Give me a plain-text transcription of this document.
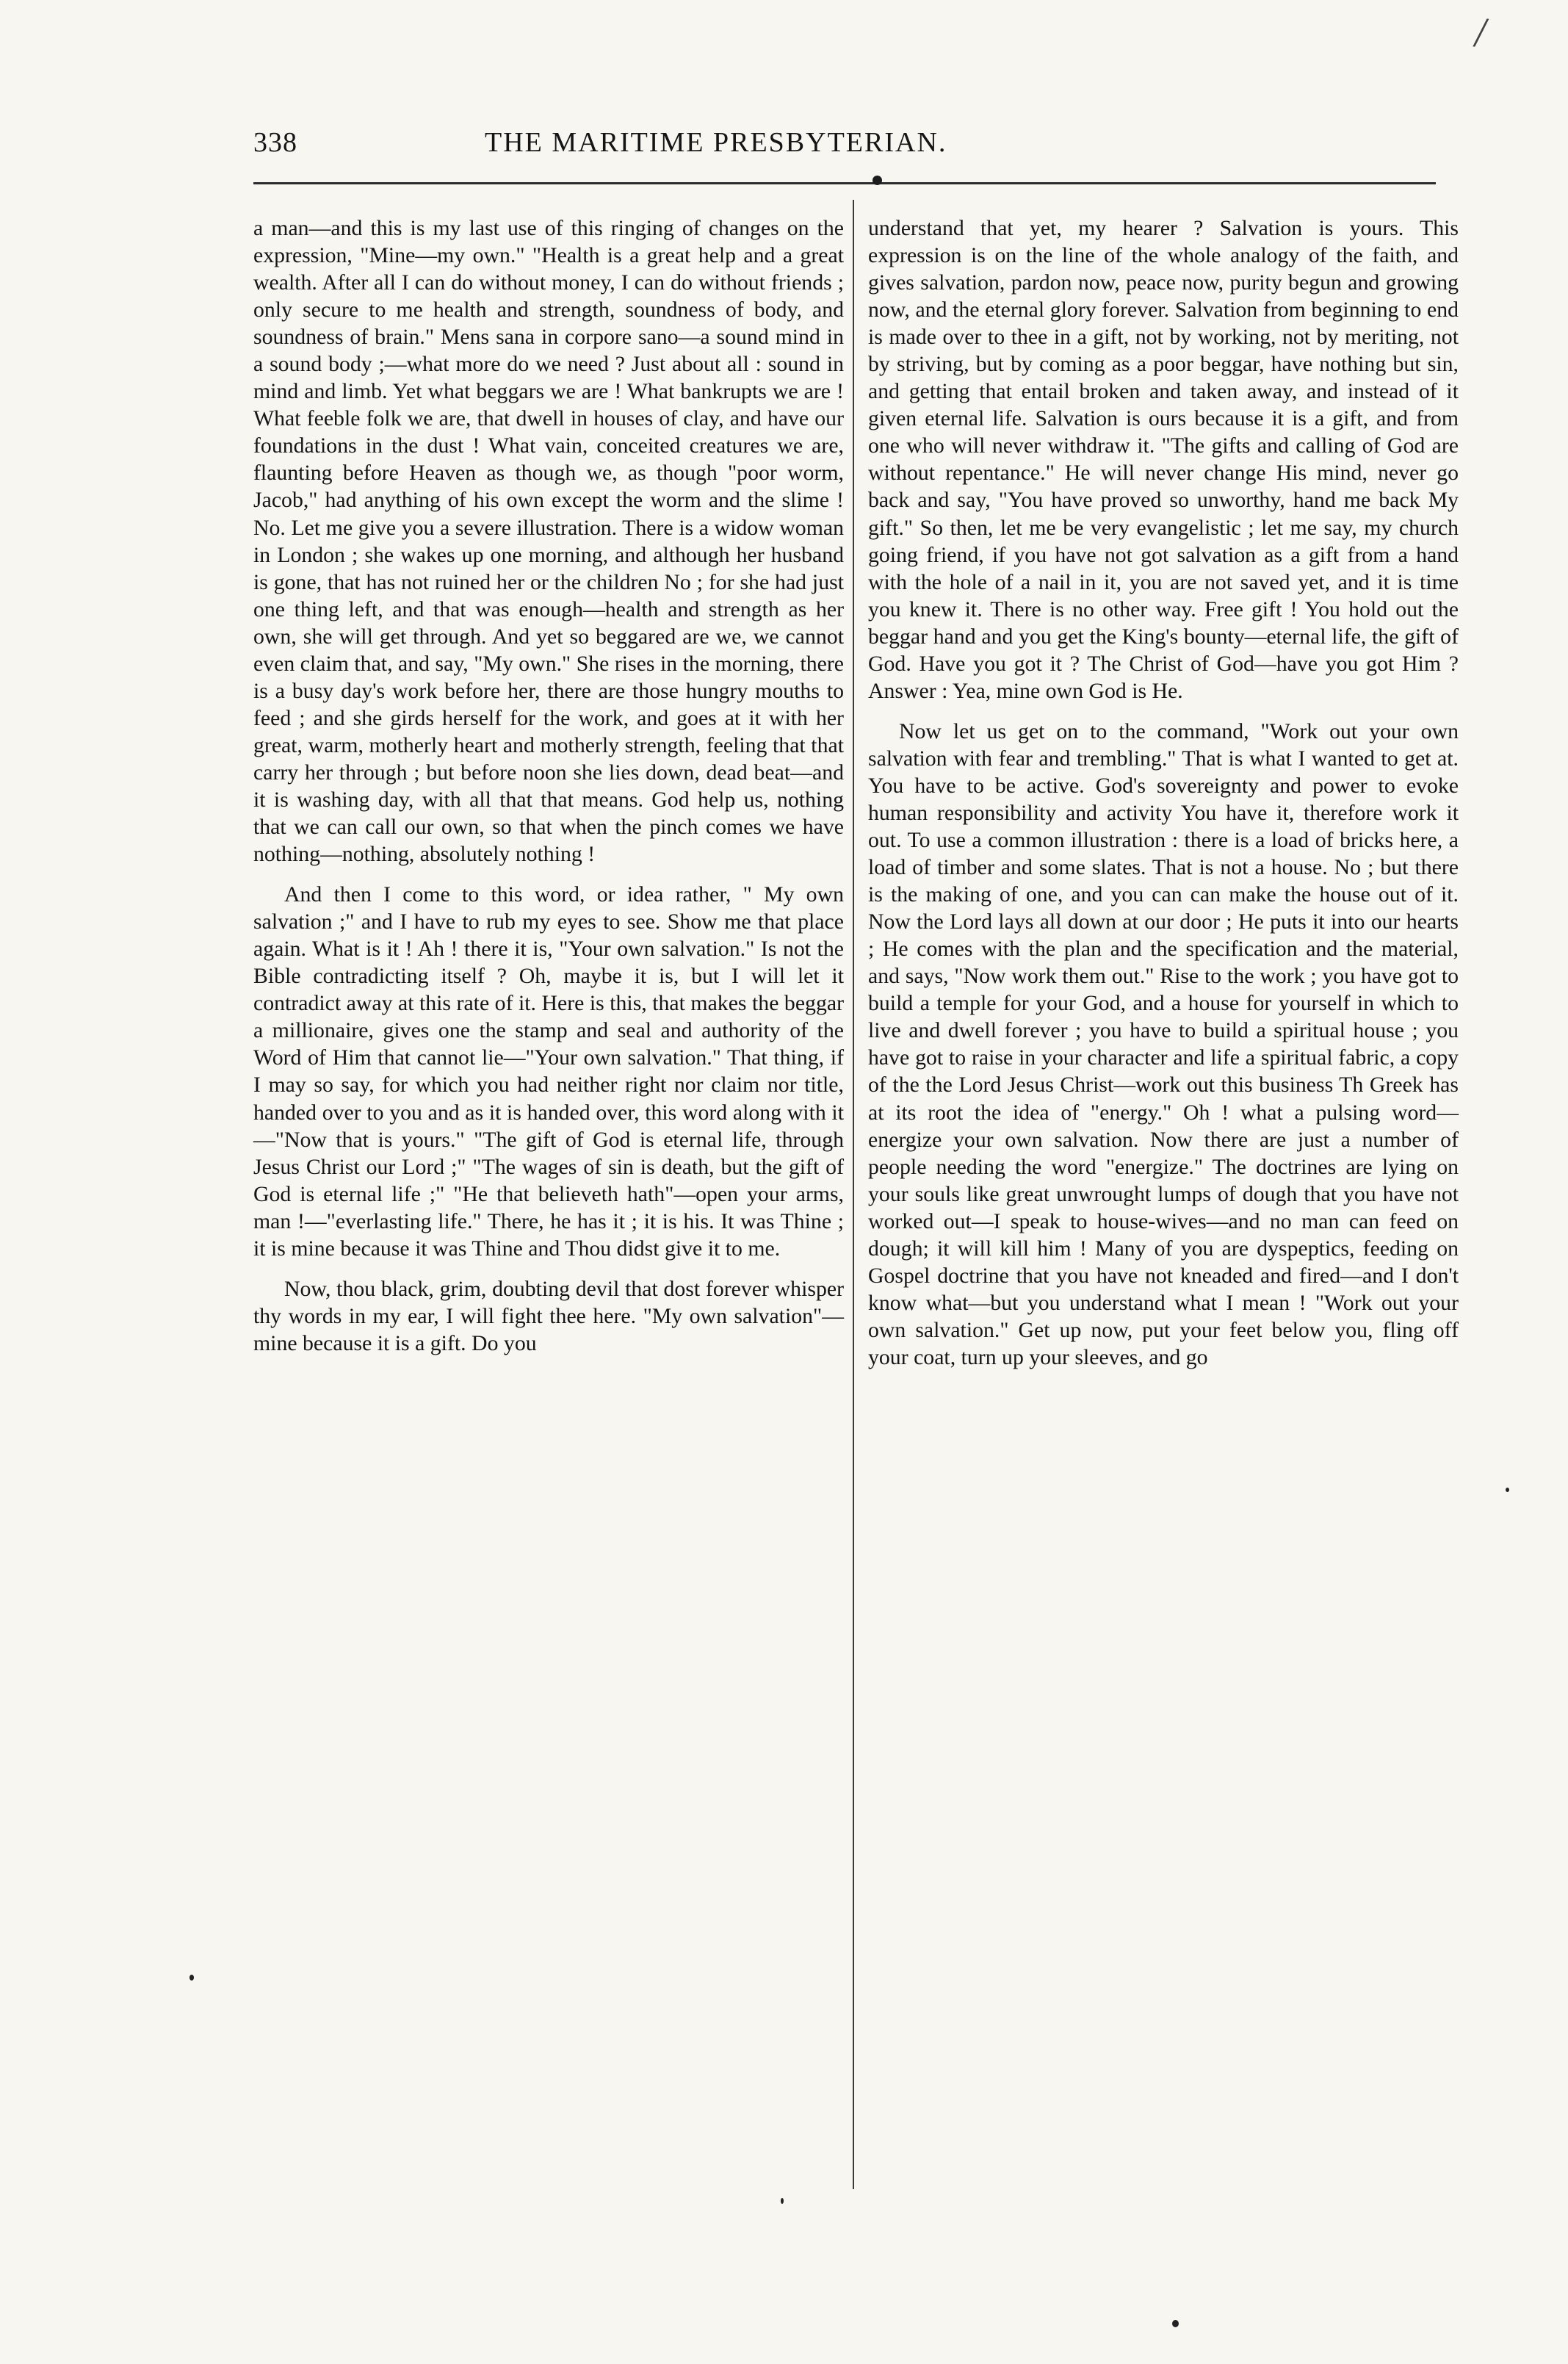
/
338	THE MARITIME PRESBYTERIAN.

a man—and this is my last use of this ringing of changes on the expression, "Mine—my own." "Health is a great help and a great wealth. After all I can do without money, I can do without friends ; only secure to me health and strength, soundness of body, and soundness of brain." Mens sana in corpore sano—a sound mind in a sound body ;—what more do we need ? Just about all : sound in mind and limb. Yet what beggars we are ! What bankrupts we are ! What feeble folk we are, that dwell in houses of clay, and have our foundations in the dust ! What vain, conceited creatures we are, flaunting before Heaven as though we, as though "poor worm, Jacob," had anything of his own except the worm and the slime ! No. Let me give you a severe illustration. There is a widow woman in London ; she wakes up one morning, and although her husband is gone, that has not ruined her or the children No ; for she had just one thing left, and that was enough—health and strength as her own, she will get through. And yet so beggared are we, we cannot even claim that, and say, "My own." She rises in the morning, there is a busy day's work before her, there are those hungry mouths to feed ; and she girds herself for the work, and goes at it with her great, warm, motherly heart and motherly strength, feeling that that carry her through ; but before noon she lies down, dead beat—and it is washing day, with all that that means. God help us, nothing that we can call our own, so that when the pinch comes we have nothing—nothing, absolutely nothing !

And then I come to this word, or idea rather, " My own salvation ;" and I have to rub my eyes to see. Show me that place again. What is it ! Ah ! there it is, "Your own salvation." Is not the Bible contradicting itself ? Oh, maybe it is, but I will let it contradict away at this rate of it. Here is this, that makes the beggar a millionaire, gives one the stamp and seal and authority of the Word of Him that cannot lie—"Your own salvation." That thing, if I may so say, for which you had neither right nor claim nor title, handed over to you and as it is handed over, this word along with it—"Now that is yours." "The gift of God is eternal life, through Jesus Christ our Lord ;" "The wages of sin is death, but the gift of God is eternal life ;" "He that believeth hath"—open your arms, man !—"everlasting life." There, he has it ; it is his. It was Thine ; it is mine because it was Thine and Thou didst give it to me.

Now, thou black, grim, doubting devil that dost forever whisper thy words in my ear, I will fight thee here. "My own salvation"—mine because it is a gift. Do you

understand that yet, my hearer ? Salvation is yours. This expression is on the line of the whole analogy of the faith, and gives salvation, pardon now, peace now, purity begun and growing now, and the eternal glory forever. Salvation from beginning to end is made over to thee in a gift, not by working, not by meriting, not by striving, but by coming as a poor beggar, have nothing but sin, and getting that entail broken and taken away, and instead of it given eternal life. Salvation is ours because it is a gift, and from one who will never withdraw it. "The gifts and calling of God are without repentance." He will never change His mind, never go back and say, "You have proved so unworthy, hand me back My gift." So then, let me be very evangelistic ; let me say, my church going friend, if you have not got salvation as a gift from a hand with the hole of a nail in it, you are not saved yet, and it is time you knew it. There is no other way. Free gift ! You hold out the beggar hand and you get the King's bounty—eternal life, the gift of God. Have you got it ? The Christ of God—have you got Him ? Answer : Yea, mine own God is He.

Now let us get on to the command, "Work out your own salvation with fear and trembling." That is what I wanted to get at. You have to be active. God's sovereignty and power to evoke human responsibility and activity You have it, therefore work it out. To use a common illustration : there is a load of bricks here, a load of timber and some slates. That is not a house. No ; but there is the making of one, and you can can make the house out of it. Now the Lord lays all down at our door ; He puts it into our hearts ; He comes with the plan and the specification and the material, and says, "Now work them out." Rise to the work ; you have got to build a temple for your God, and a house for yourself in which to live and dwell forever ; you have to build a spiritual house ; you have got to raise in your character and life a spiritual fabric, a copy of the the Lord Jesus Christ—work out this business Th Greek has at its root the idea of "energy." Oh ! what a pulsing word—energize your own salvation. Now there are just a number of people needing the word "energize." The doctrines are lying on your souls like great unwrought lumps of dough that you have not worked out—I speak to house-wives—and no man can feed on dough; it will kill him ! Many of you are dyspeptics, feeding on Gospel doctrine that you have not kneaded and fired—and I don't know what—but you understand what I mean ! "Work out your own salvation." Get up now, put your feet below you, fling off your coat, turn up your sleeves, and go
